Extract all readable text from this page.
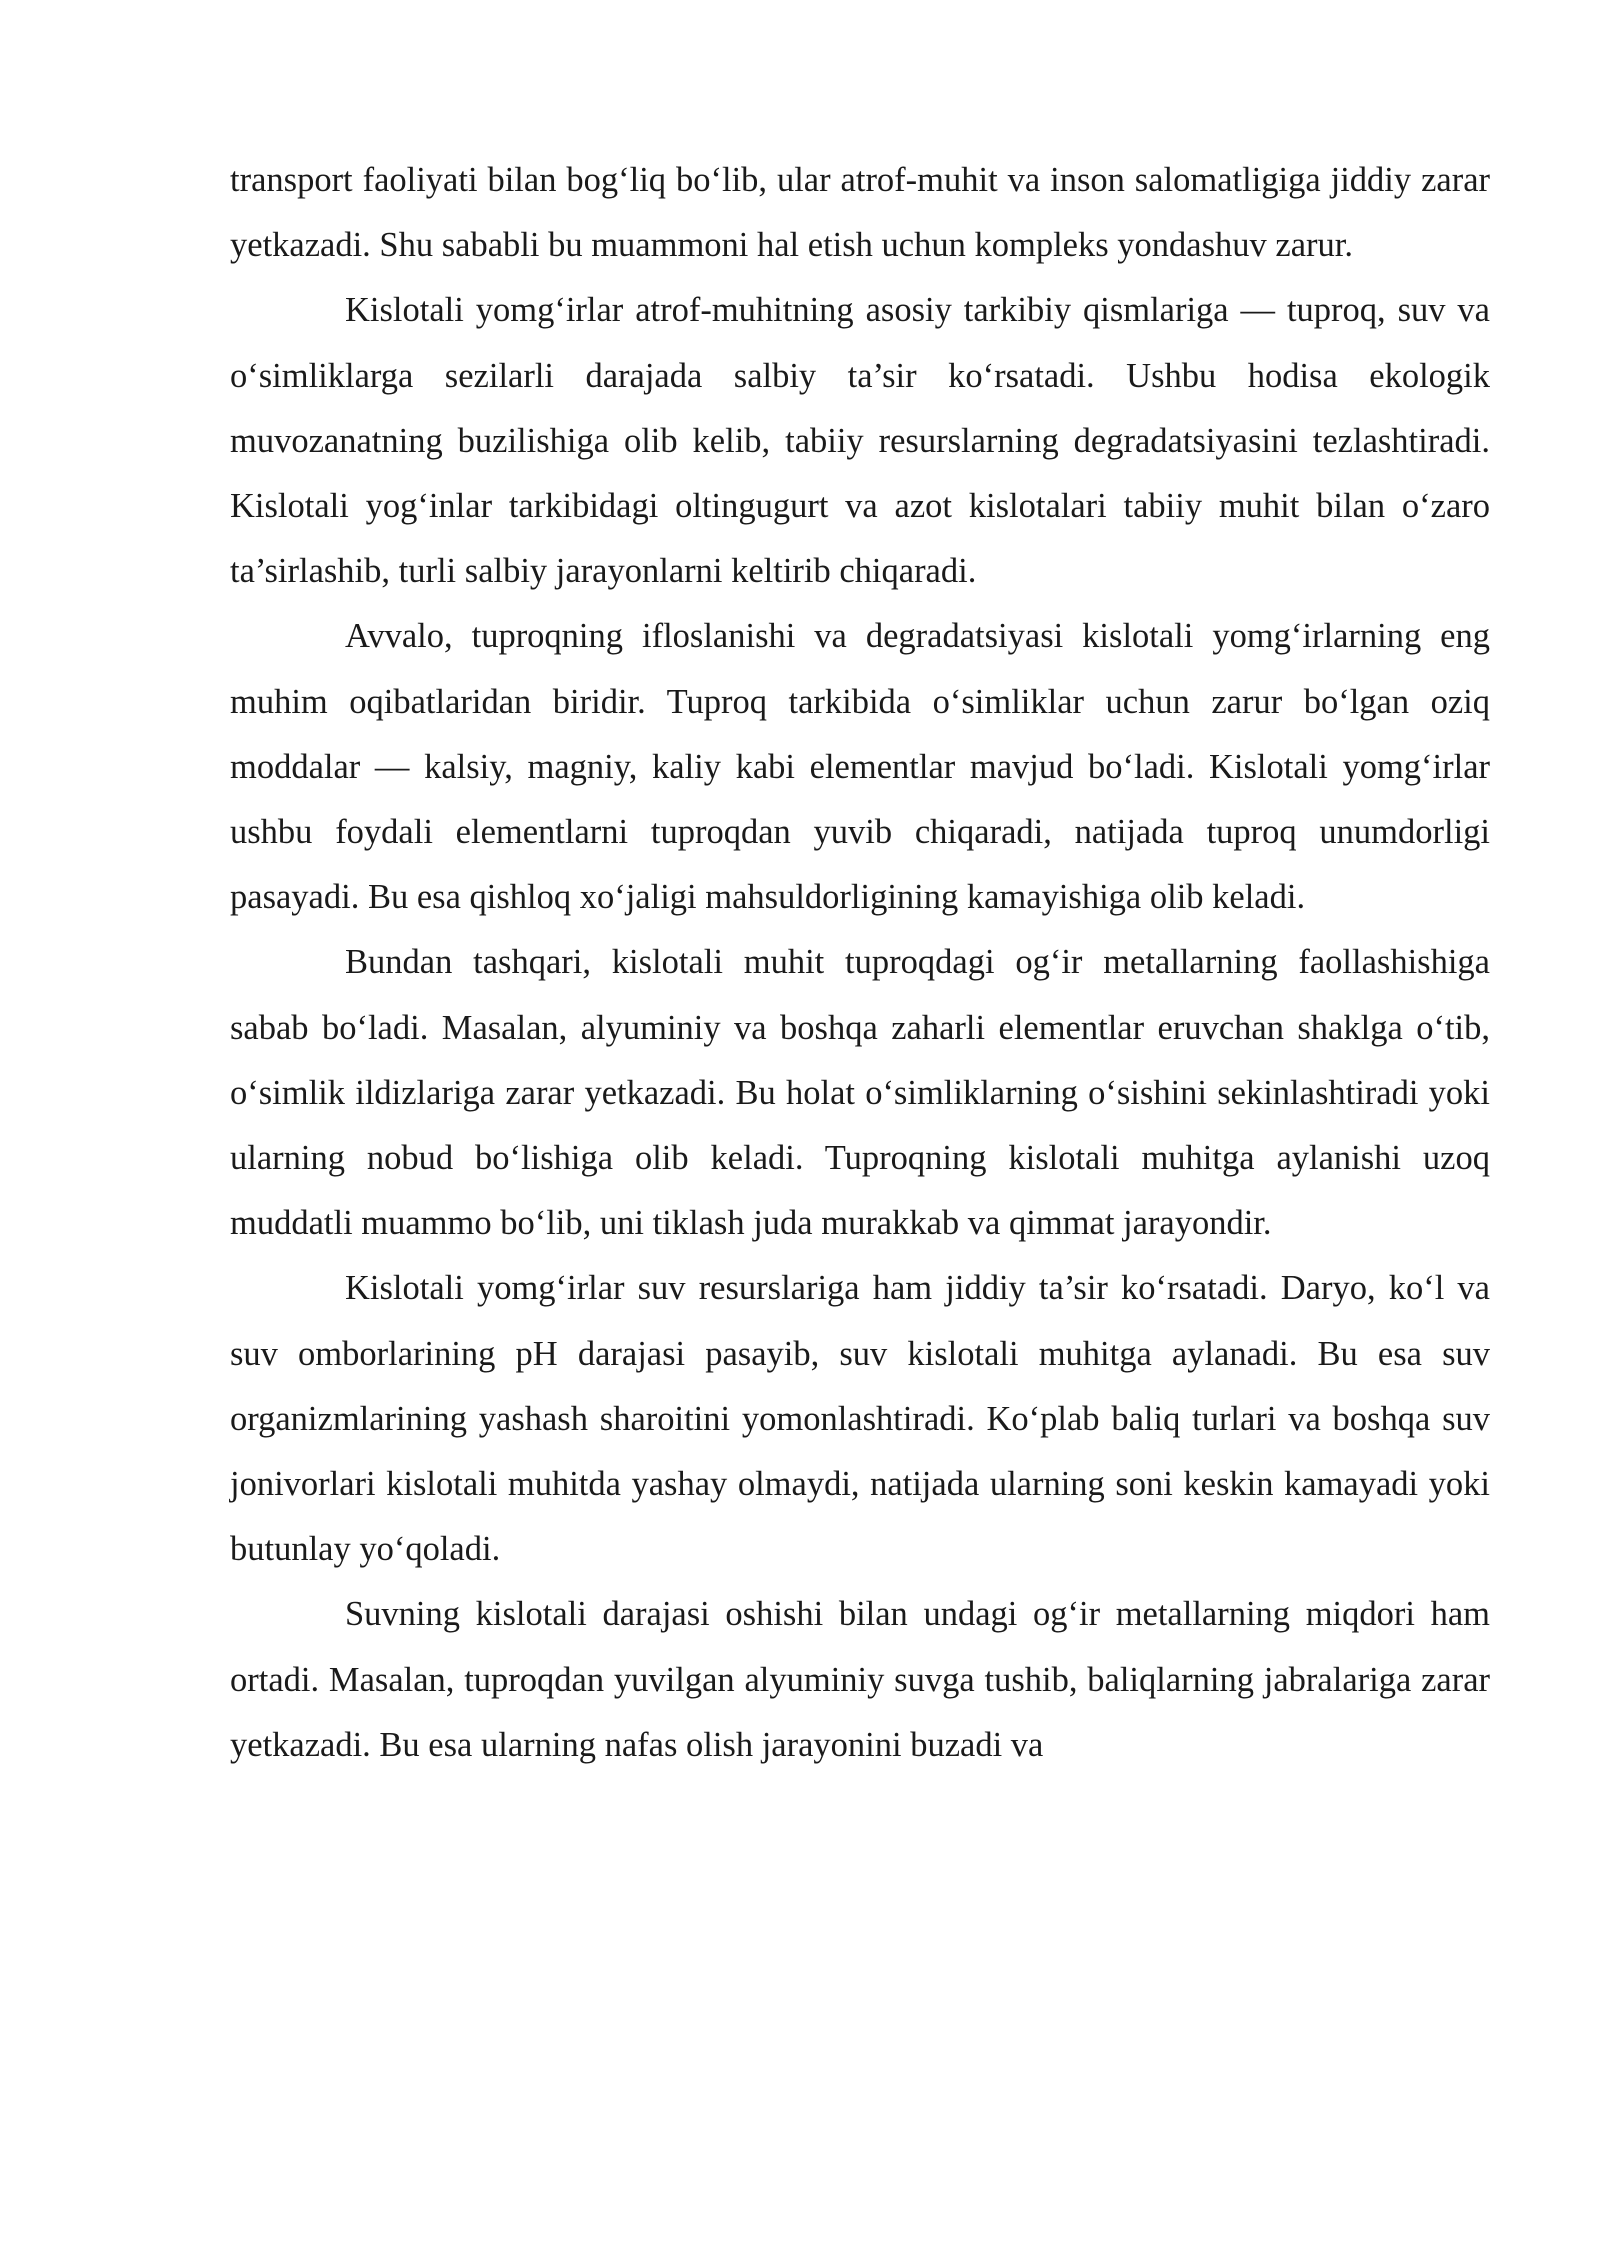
transport faoliyati bilan bog‘liq bo‘lib, ular atrof-muhit va inson salomatligiga jiddiy zarar yetkazadi. Shu sababli bu muammoni hal etish uchun kompleks yondashuv zarur.

Kislotali yomg‘irlar atrof-muhitning asosiy tarkibiy qismlariga — tuproq, suv va o‘simliklarga sezilarli darajada salbiy ta’sir ko‘rsatadi. Ushbu hodisa ekologik muvozanatning buzilishiga olib kelib, tabiiy resurslarning degradatsiyasini tezlashtiradi. Kislotali yog‘inlar tarkibidagi oltingugurt va azot kislotalari tabiiy muhit bilan o‘zaro ta’sirlashib, turli salbiy jarayonlarni keltirib chiqaradi.

Avvalo, tuproqning ifloslanishi va degradatsiyasi kislotali yomg‘irlarning eng muhim oqibatlaridan biridir. Tuproq tarkibida o‘simliklar uchun zarur bo‘lgan oziq moddalar — kalsiy, magniy, kaliy kabi elementlar mavjud bo‘ladi. Kislotali yomg‘irlar ushbu foydali elementlarni tuproqdan yuvib chiqaradi, natijada tuproq unumdorligi pasayadi. Bu esa qishloq xo‘jaligi mahsuldorligining kamayishiga olib keladi.

Bundan tashqari, kislotali muhit tuproqdagi og‘ir metallarning faollashishiga sabab bo‘ladi. Masalan, alyuminiy va boshqa zaharli elementlar eruvchan shaklga o‘tib, o‘simlik ildizlariga zarar yetkazadi. Bu holat o‘simliklarning o‘sishini sekinlashtiradi yoki ularning nobud bo‘lishiga olib keladi. Tuproqning kislotali muhitga aylanishi uzoq muddatli muammo bo‘lib, uni tiklash juda murakkab va qimmat jarayondir.

Kislotali yomg‘irlar suv resurslariga ham jiddiy ta’sir ko‘rsatadi. Daryo, ko‘l va suv omborlarining pH darajasi pasayib, suv kislotali muhitga aylanadi. Bu esa suv organizmlarining yashash sharoitini yomonlashtiradi. Ko‘plab baliq turlari va boshqa suv jonivorlari kislotali muhitda yashay olmaydi, natijada ularning soni keskin kamayadi yoki butunlay yo‘qoladi.

Suvning kislotali darajasi oshishi bilan undagi og‘ir metallarning miqdori ham ortadi. Masalan, tuproqdan yuvilgan alyuminiy suvga tushib, baliqlarning jabralariga zarar yetkazadi. Bu esa ularning nafas olish jarayonini buzadi va
